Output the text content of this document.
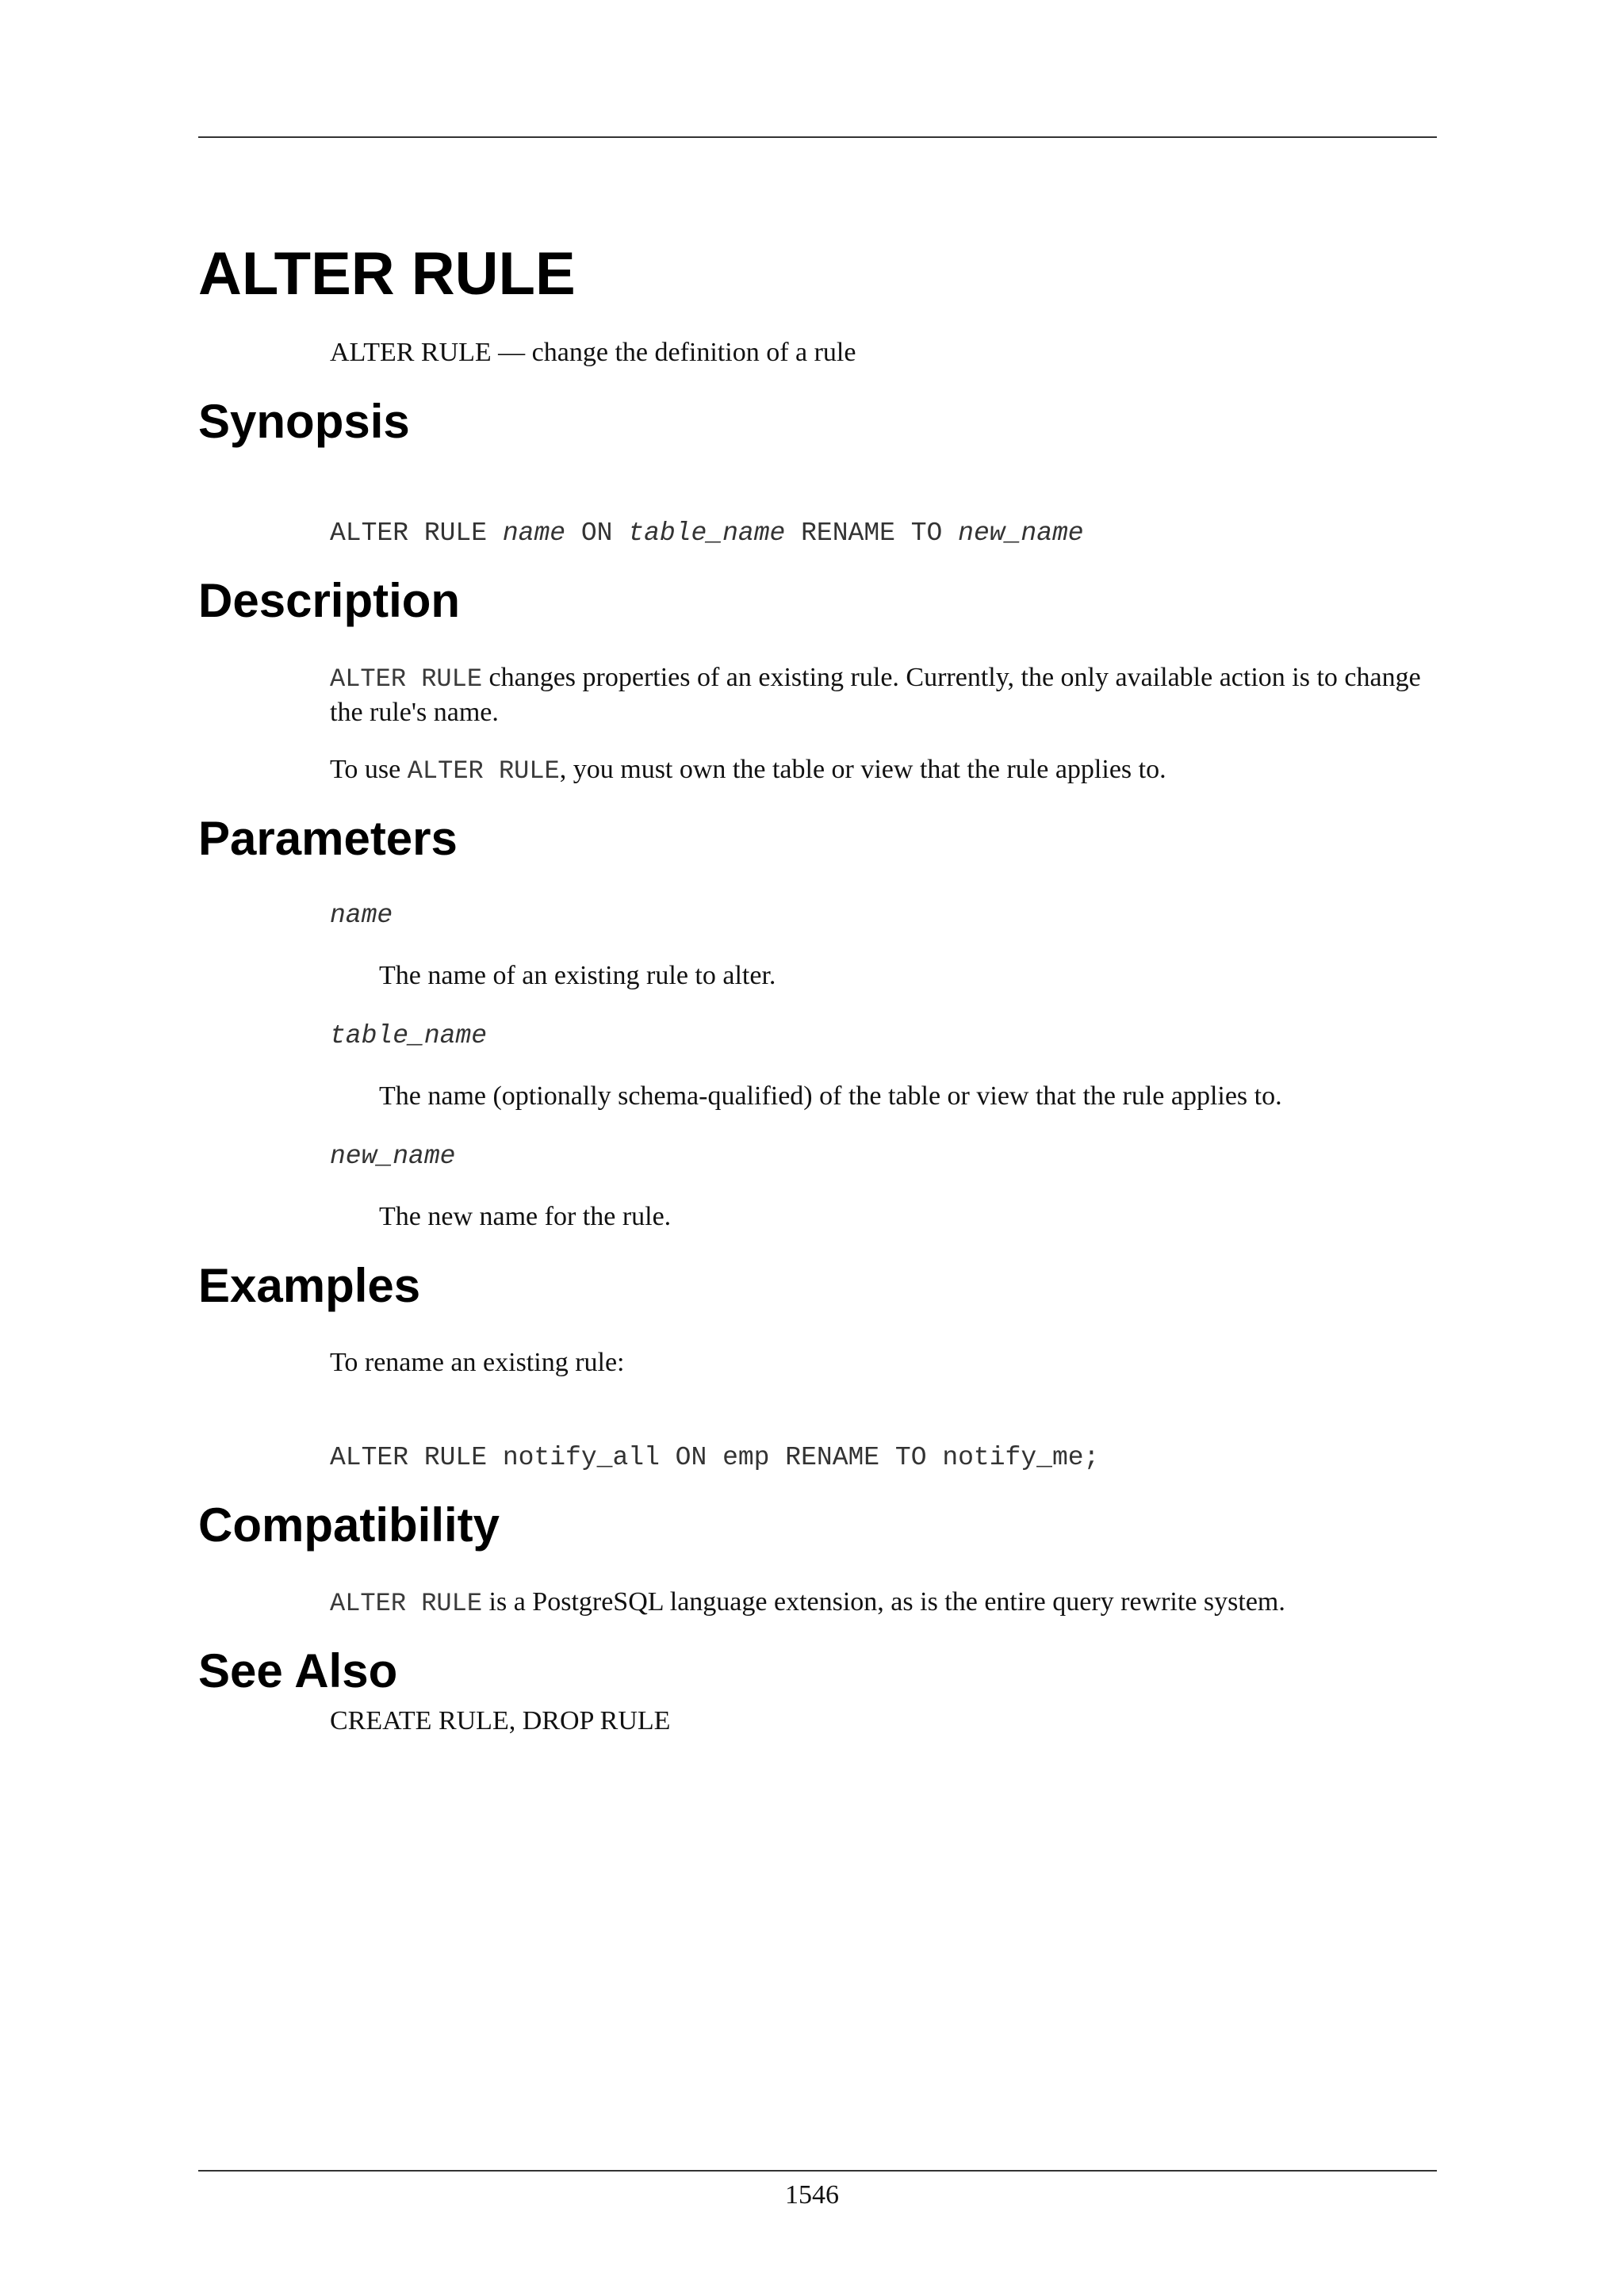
ALTER RULE

ALTER RULE — change the definition of a rule

Synopsis

ALTER RULE name ON table_name RENAME TO new_name

Description

ALTER RULE changes properties of an existing rule. Currently, the only available action is to change the rule's name.

To use ALTER RULE, you must own the table or view that the rule applies to.

Parameters

name

The name of an existing rule to alter.

table_name

The name (optionally schema-qualified) of the table or view that the rule applies to.

new_name

The new name for the rule.

Examples

To rename an existing rule:

ALTER RULE notify_all ON emp RENAME TO notify_me;

Compatibility

ALTER RULE is a PostgreSQL language extension, as is the entire query rewrite system.

See Also

CREATE RULE, DROP RULE

1546
